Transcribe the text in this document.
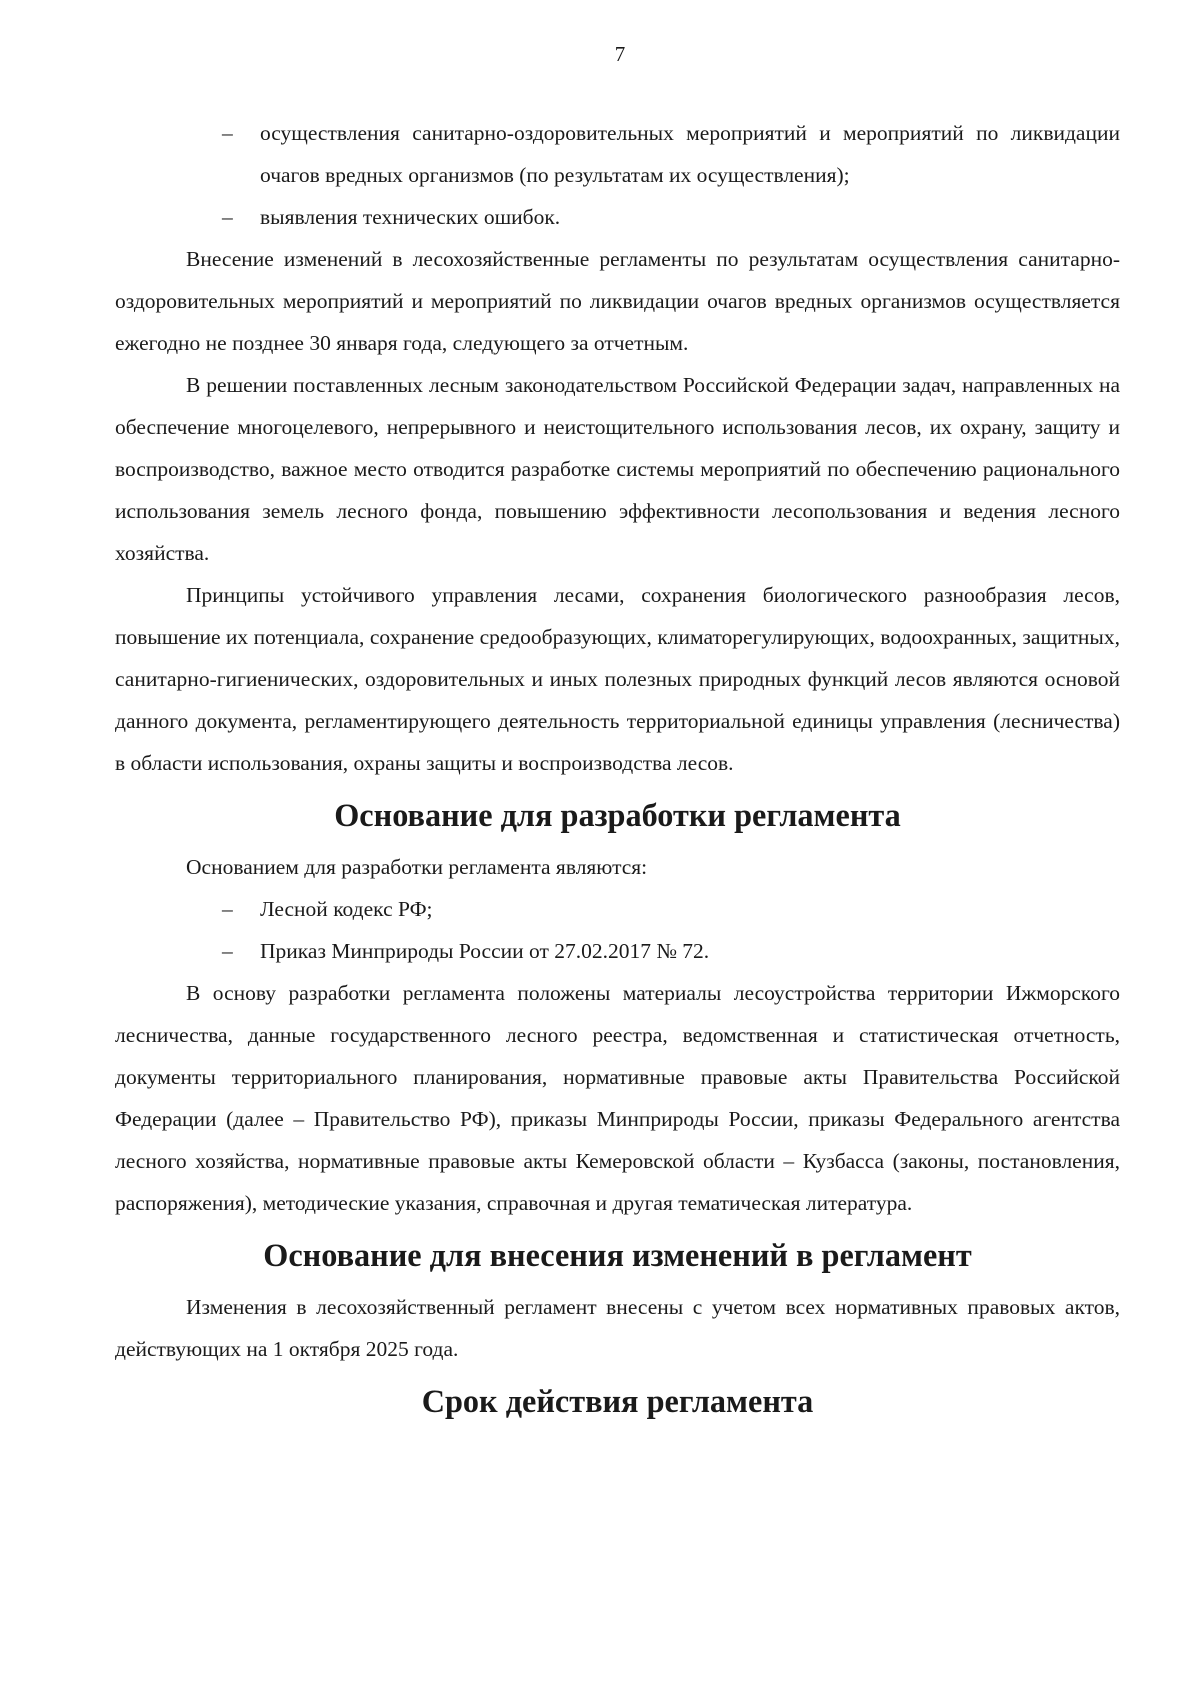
7
– осуществления санитарно-оздоровительных мероприятий и мероприятий по ликвидации очагов вредных организмов (по результатам их осуществления);
– выявления технических ошибок.

Внесение изменений в лесохозяйственные регламенты по результатам осуществления санитарно-оздоровительных мероприятий и мероприятий по ликвидации очагов вредных организмов осуществляется ежегодно не позднее 30 января года, следующего за отчетным.

В решении поставленных лесным законодательством Российской Федерации задач, направленных на обеспечение многоцелевого, непрерывного и неистощительного использования лесов, их охрану, защиту и воспроизводство, важное место отводится разработке системы мероприятий по обеспечению рационального использования земель лесного фонда, повышению эффективности лесопользования и ведения лесного хозяйства.

Принципы устойчивого управления лесами, сохранения биологического разнообразия лесов, повышение их потенциала, сохранение средообразующих, климаторегулирующих, водоохранных, защитных, санитарно-гигиенических, оздоровительных и иных полезных природных функций лесов являются основой данного документа, регламентирующего деятельность территориальной единицы управления (лесничества) в области использования, охраны защиты и воспроизводства лесов.

Основание для разработки регламента

Основанием для разработки регламента являются:

– Лесной кодекс РФ;
– Приказ Минприроды России от 27.02.2017 № 72.

В основу разработки регламента положены материалы лесоустройства территории Ижморского лесничества, данные государственного лесного реестра, ведомственная и статистическая отчетность, документы территориального планирования, нормативные правовые акты Правительства Российской Федерации (далее – Правительство РФ), приказы Минприроды России, приказы Федерального агентства лесного хозяйства, нормативные правовые акты Кемеровской области – Кузбасса (законы, постановления, распоряжения), методические указания, справочная и другая тематическая литература.

Основание для внесения изменений в регламент

Изменения в лесохозяйственный регламент внесены с учетом всех нормативных правовых актов, действующих на 1 октября 2025 года.

Срок действия регламента
